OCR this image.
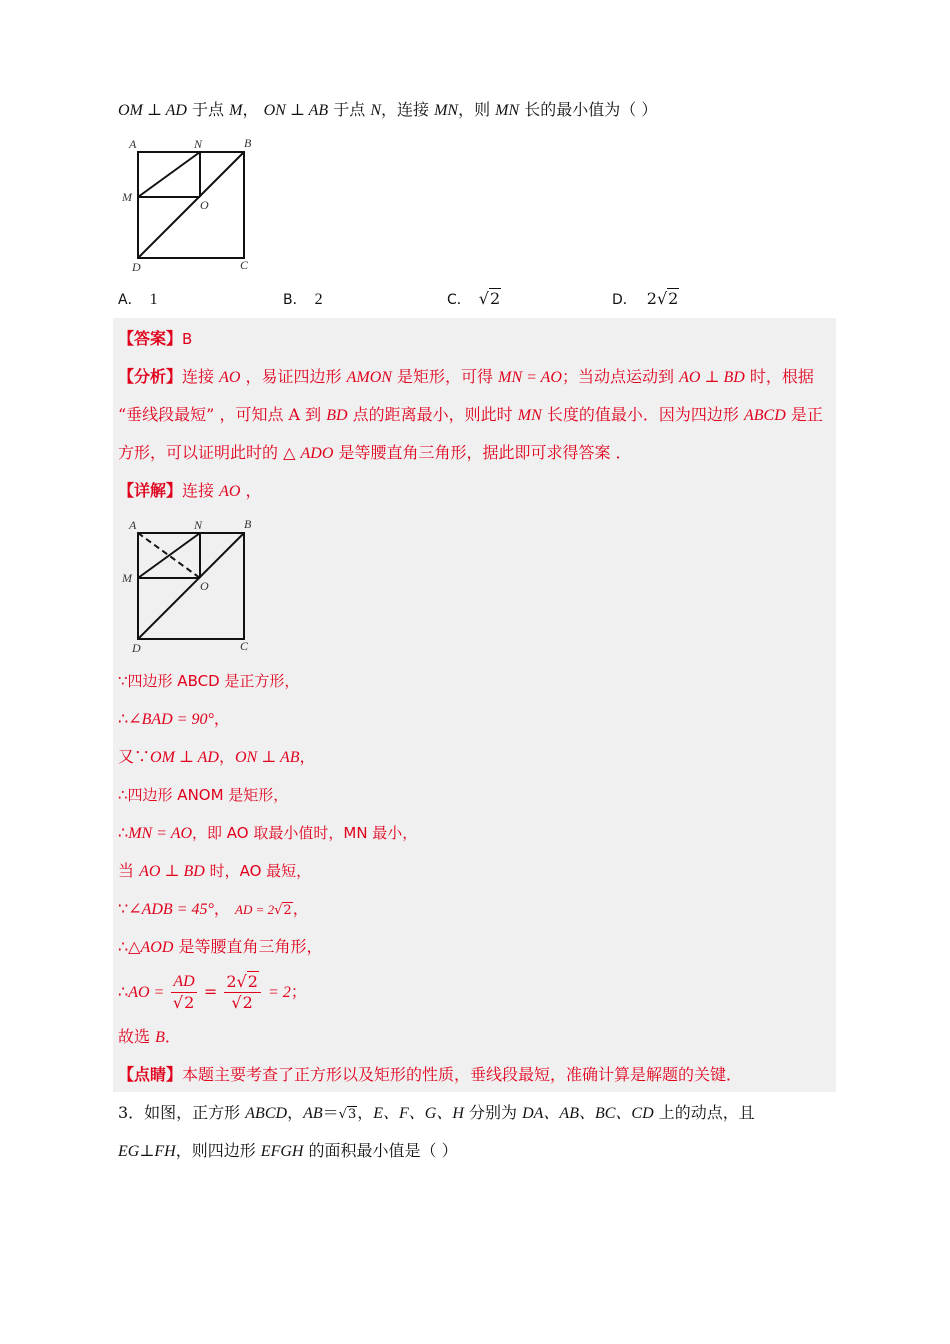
OM ⊥ AD 于点 M， ON ⊥ AB 于点 N，连接 MN，则 MN 长的最小值为（ ）
A	N	B
M
O
D	C
A． 1	B． 2	C． √2	D． 2√2
【答案】B
【分析】连接 AO ，易证四边形 AMON 是矩形，可得 MN = AO；当动点运动到 AO ⊥ BD 时，根据
“垂线段最短” ，可知点 A 到 BD 点的距离最小，则此时 MN 长度的值最小．因为四边形 ABCD 是正
方形，可以证明此时的 △ ADO 是等腰直角三角形，据此即可求得答案 ．
【详解】连接 AO ，
A	N	B
M
O
D	C
∵四边形 ABCD 是正方形，
∴∠BAD = 90°，
又∵OM ⊥ AD，ON ⊥ AB，
∴四边形 ANOM 是矩形，
∴MN = AO，即 AO 取最小值时，MN 最小，
当 AO ⊥ BD 时，AO 最短，
∵∠ADB = 45°， AD = 2√2，
∴△AOD 是等腰直角三角形，
∴AO = $\frac{AD}{√2} = \frac{2√2}{√2} = 2$；
故选 B．
【点睛】本题主要考查了正方形以及矩形的性质，垂线段最短，准确计算是解题的关键．
3．如图，正方形 ABCD，AB＝√3，E、F、G、H 分别为 DA、AB、BC、CD 上的动点，且
EG⊥FH，则四边形 EFGH 的面积最小值是（ ）
